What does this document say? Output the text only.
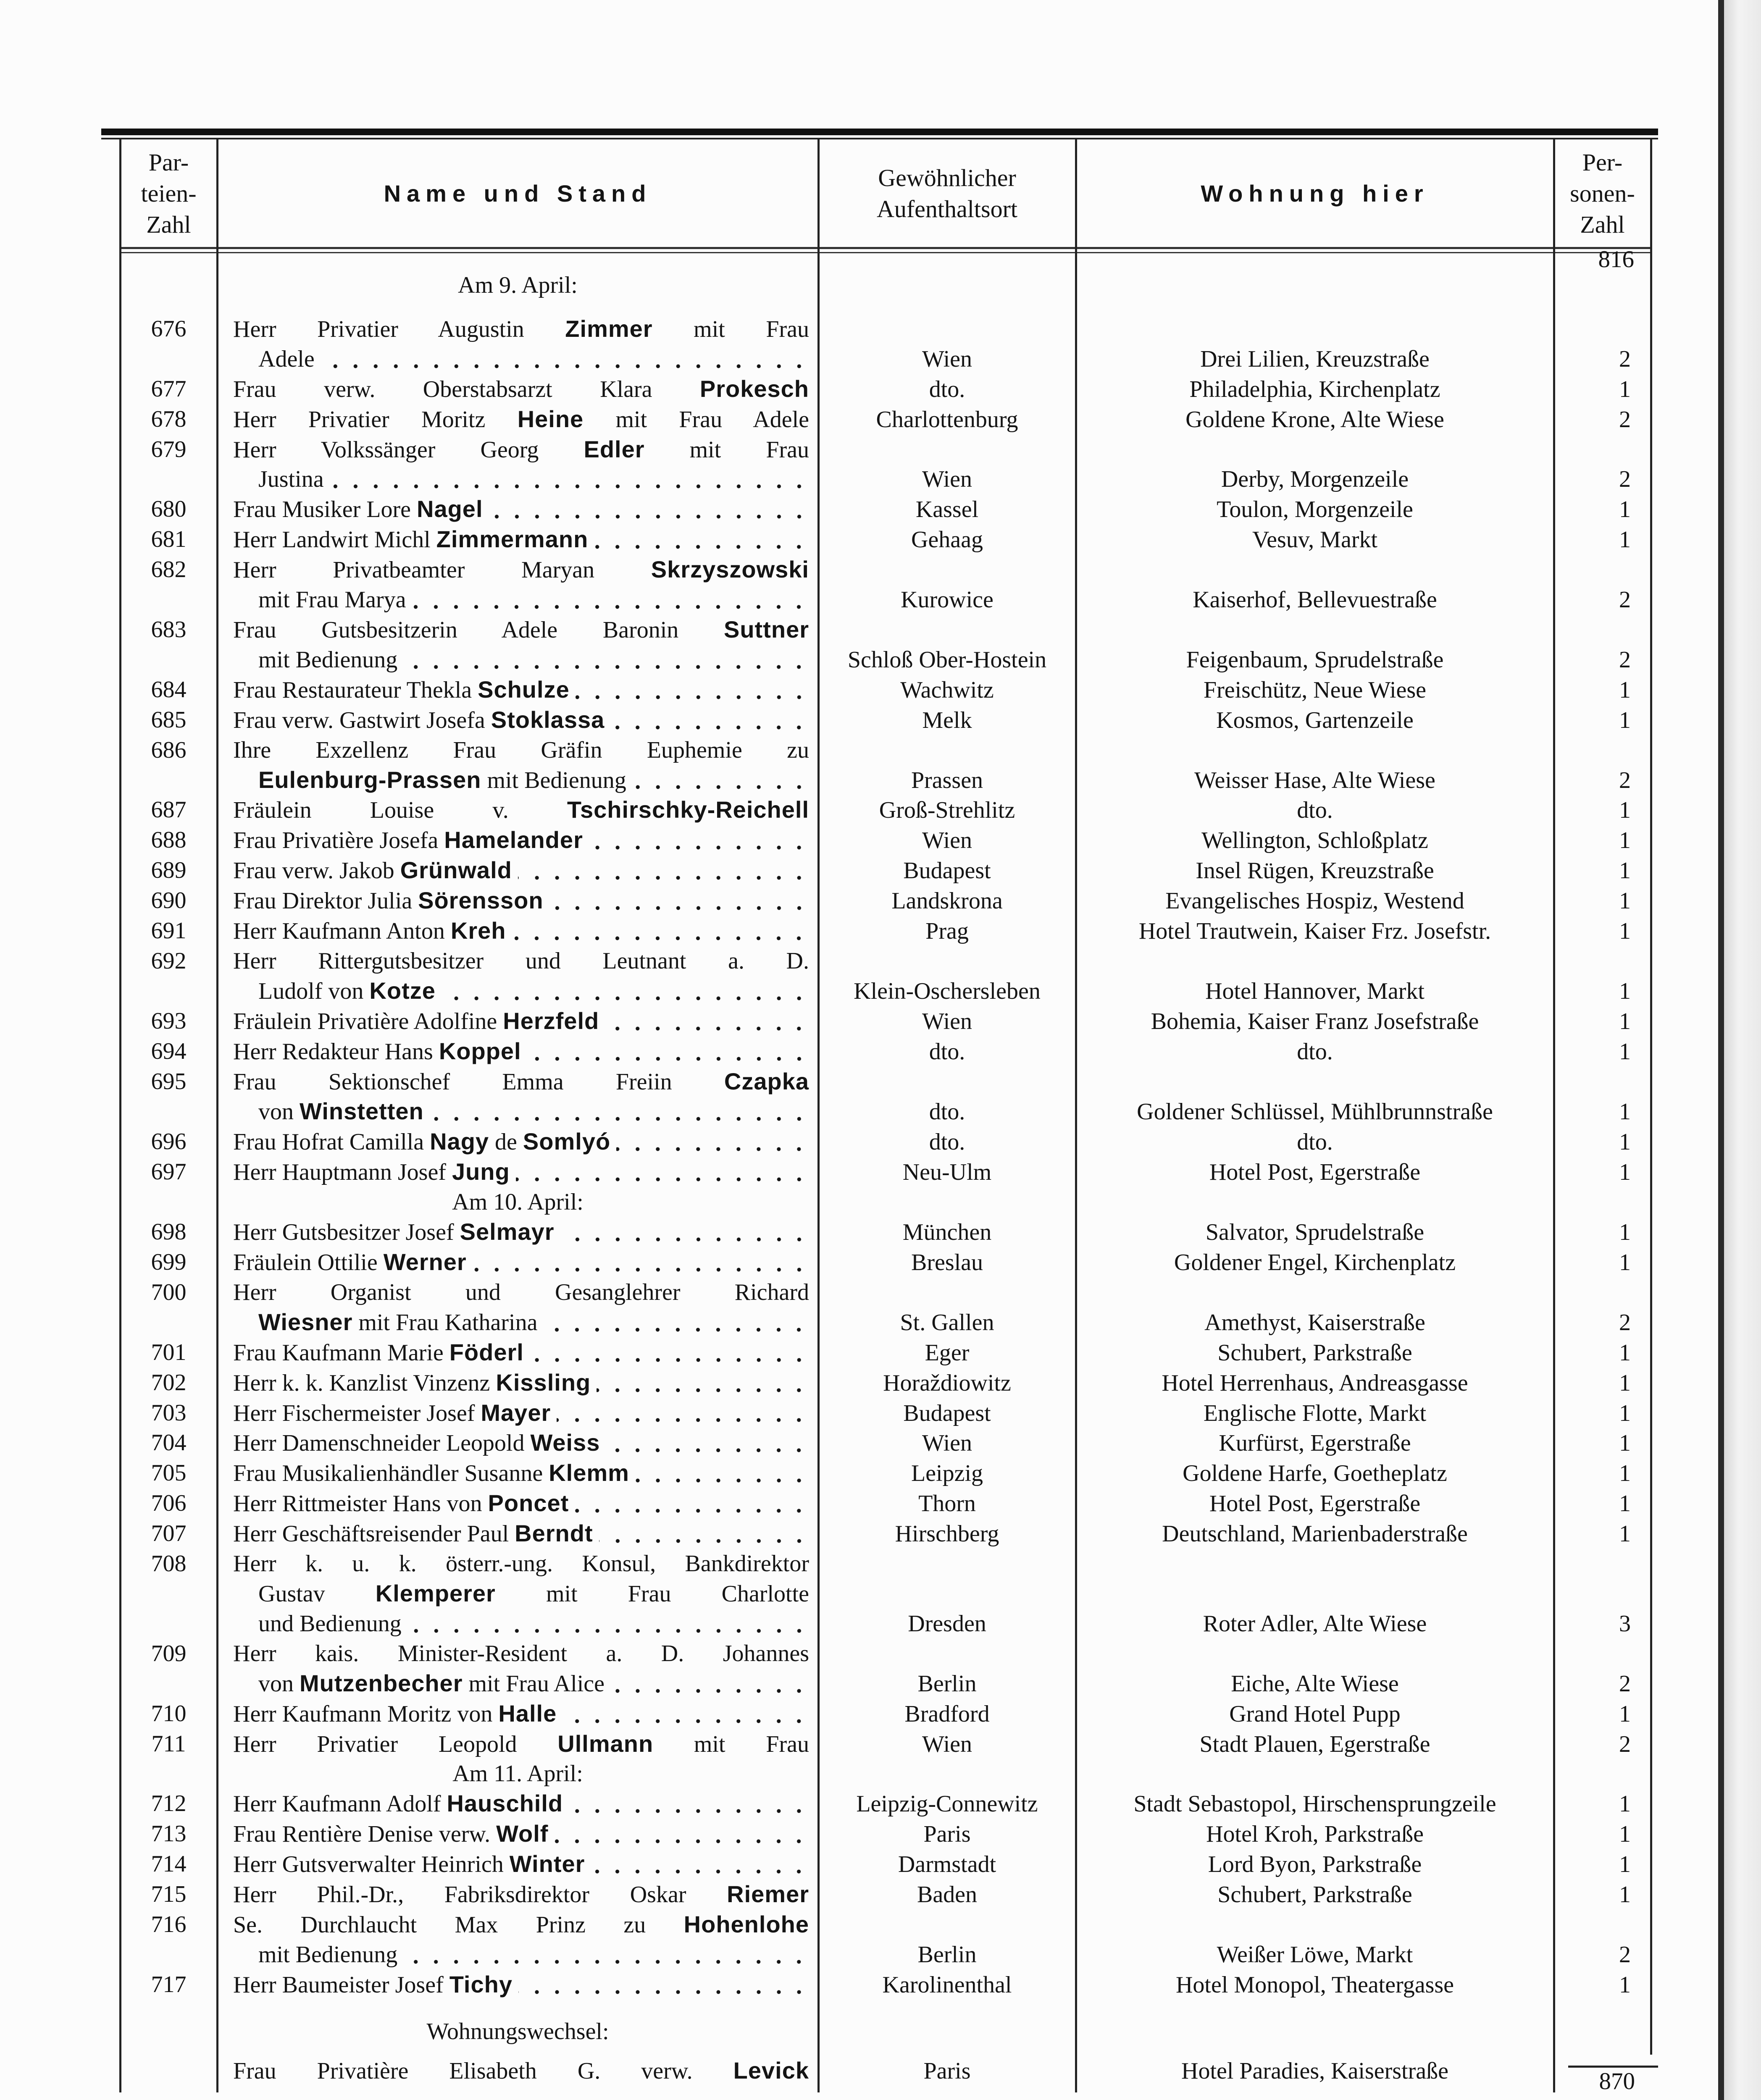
Par-
teien-
Zahl
Name und Stand
Gewöhnlicher
Aufenthaltsort
Wohnung hier
Per-
sonen-
Zahl
816
Am 9. April:
676	Herr Privatier Augustin Zimmer mit Frau
Adele	Wien	Drei Lilien, Kreuzstraße	2
677	Frau verw. Oberstabsarzt Klara Prokesch	dto.	Philadelphia, Kirchenplatz	1
678	Herr Privatier Moritz Heine mit Frau Adele	Charlottenburg	Goldene Krone, Alte Wiese	2
679	Herr Volkssänger Georg Edler mit Frau
Justina	Wien	Derby, Morgenzeile	2
680	Frau Musiker Lore Nagel	Kassel	Toulon, Morgenzeile	1
681	Herr Landwirt Michl Zimmermann	Gehaag	Vesuv, Markt	1
682	Herr Privatbeamter Maryan Skrzyszowski
mit Frau Marya	Kurowice	Kaiserhof, Bellevuestraße	2
683	Frau Gutsbesitzerin Adele Baronin Suttner
mit Bedienung	Schloß Ober-Hostein	Feigenbaum, Sprudelstraße	2
684	Frau Restaurateur Thekla Schulze	Wachwitz	Freischütz, Neue Wiese	1
685	Frau verw. Gastwirt Josefa Stoklassa	Melk	Kosmos, Gartenzeile	1
686	Ihre Exzellenz Frau Gräfin Euphemie zu
Eulenburg-Prassen mit Bedienung	Prassen	Weisser Hase, Alte Wiese	2
687	Fräulein Louise v. Tschirschky-Reichell	Groß-Strehlitz	dto.	1
688	Frau Privatière Josefa Hamelander	Wien	Wellington, Schloßplatz	1
689	Frau verw. Jakob Grünwald	Budapest	Insel Rügen, Kreuzstraße	1
690	Frau Direktor Julia Sörensson	Landskrona	Evangelisches Hospiz, Westend	1
691	Herr Kaufmann Anton Kreh	Prag	Hotel Trautwein, Kaiser Frz. Josefstr.	1
692	Herr Rittergutsbesitzer und Leutnant a. D.
Ludolf von Kotze	Klein-Oschersleben	Hotel Hannover, Markt	1
693	Fräulein Privatière Adolfine Herzfeld	Wien	Bohemia, Kaiser Franz Josefstraße	1
694	Herr Redakteur Hans Koppel	dto.	dto.	1
695	Frau Sektionschef Emma Freiin Czapka
von Winstetten	dto.	Goldener Schlüssel, Mühlbrunnstraße	1
696	Frau Hofrat Camilla Nagy de Somlyó	dto.	dto.	1
697	Herr Hauptmann Josef Jung	Neu-Ulm	Hotel Post, Egerstraße	1
Am 10. April:
698	Herr Gutsbesitzer Josef Selmayr	München	Salvator, Sprudelstraße	1
699	Fräulein Ottilie Werner	Breslau	Goldener Engel, Kirchenplatz	1
700	Herr Organist und Gesanglehrer Richard
Wiesner mit Frau Katharina	St. Gallen	Amethyst, Kaiserstraße	2
701	Frau Kaufmann Marie Föderl	Eger	Schubert, Parkstraße	1
702	Herr k. k. Kanzlist Vinzenz Kissling	Horaždiowitz	Hotel Herrenhaus, Andreasgasse	1
703	Herr Fischermeister Josef Mayer	Budapest	Englische Flotte, Markt	1
704	Herr Damenschneider Leopold Weiss	Wien	Kurfürst, Egerstraße	1
705	Frau Musikalienhändler Susanne Klemm	Leipzig	Goldene Harfe, Goetheplatz	1
706	Herr Rittmeister Hans von Poncet	Thorn	Hotel Post, Egerstraße	1
707	Herr Geschäftsreisender Paul Berndt	Hirschberg	Deutschland, Marienbaderstraße	1
708	Herr k. u. k. österr.-ung. Konsul, Bankdirektor
Gustav Klemperer mit Frau Charlotte
und Bedienung	Dresden	Roter Adler, Alte Wiese	3
709	Herr kais. Minister-Resident a. D. Johannes
von Mutzenbecher mit Frau Alice	Berlin	Eiche, Alte Wiese	2
710	Herr Kaufmann Moritz von Halle	Bradford	Grand Hotel Pupp	1
711	Herr Privatier Leopold Ullmann mit Frau	Wien	Stadt Plauen, Egerstraße	2
Am 11. April:
712	Herr Kaufmann Adolf Hauschild	Leipzig-Connewitz	Stadt Sebastopol, Hirschensprungzeile	1
713	Frau Rentière Denise verw. Wolf	Paris	Hotel Kroh, Parkstraße	1
714	Herr Gutsverwalter Heinrich Winter	Darmstadt	Lord Byon, Parkstraße	1
715	Herr Phil.-Dr., Fabriksdirektor Oskar Riemer	Baden	Schubert, Parkstraße	1
716	Se. Durchlaucht Max Prinz zu Hohenlohe
mit Bedienung	Berlin	Weißer Löwe, Markt	2
717	Herr Baumeister Josef Tichy	Karolinenthal	Hotel Monopol, Theatergasse	1
Wohnungswechsel:
Frau Privatière Elisabeth G. verw. Levick	Paris	Hotel Paradies, Kaiserstraße	870
